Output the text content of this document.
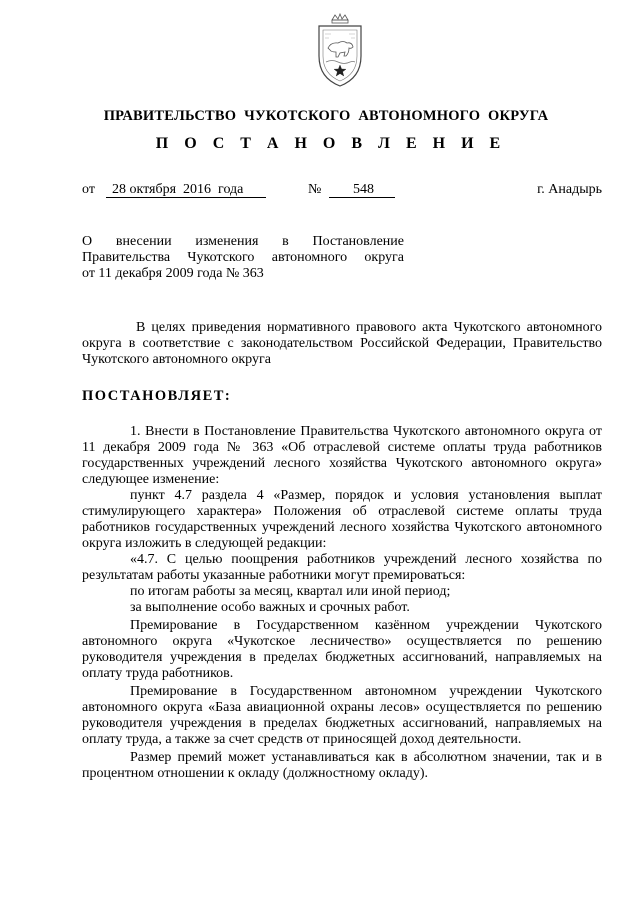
ПРАВИТЕЛЬСТВО ЧУКОТСКОГО АВТОНОМНОГО ОКРУГА
П О С Т А Н О В Л Е Н И Е
от 28 октября  2016  года	№ 548	г. Анадырь

О внесении изменения в Постановление

Правительства Чукотского автономного округа

от 11 декабря 2009 года № 363

В целях приведения нормативного правового акта Чукотского автономного округа в соответствие с законодательством Российской Федерации, Правительство Чукотского автономного округа

ПОСТАНОВЛЯЕТ:

1. Внести в Постановление Правительства Чукотского автономного округа от 11 декабря 2009 года № 363 «Об отраслевой системе оплаты труда работников государственных учреждений лесного хозяйства Чукотского автономного округа» следующее изменение:

пункт 4.7 раздела 4 «Размер, порядок и условия установления выплат стимулирующего характера» Положения об отраслевой системе оплаты труда работников государственных учреждений лесного хозяйства Чукотского автономного округа изложить в следующей редакции:

«4.7. С целью поощрения работников учреждений лесного хозяйства по результатам работы указанные работники могут премироваться:

по итогам работы за месяц, квартал или иной период;

за выполнение особо важных и срочных работ.

Премирование в Государственном казённом учреждении Чукотского автономного округа «Чукотское лесничество» осуществляется по решению руководителя учреждения в пределах бюджетных ассигнований, направляемых на оплату труда работников.

Премирование в Государственном автономном учреждении Чукотского автономного округа «База авиационной охраны лесов» осуществляется по решению руководителя учреждения в пределах бюджетных ассигнований, направляемых на оплату труда, а также за счет средств от приносящей доход деятельности.

Размер премий может устанавливаться как в абсолютном значении, так и в процентном отношении к окладу (должностному окладу).
